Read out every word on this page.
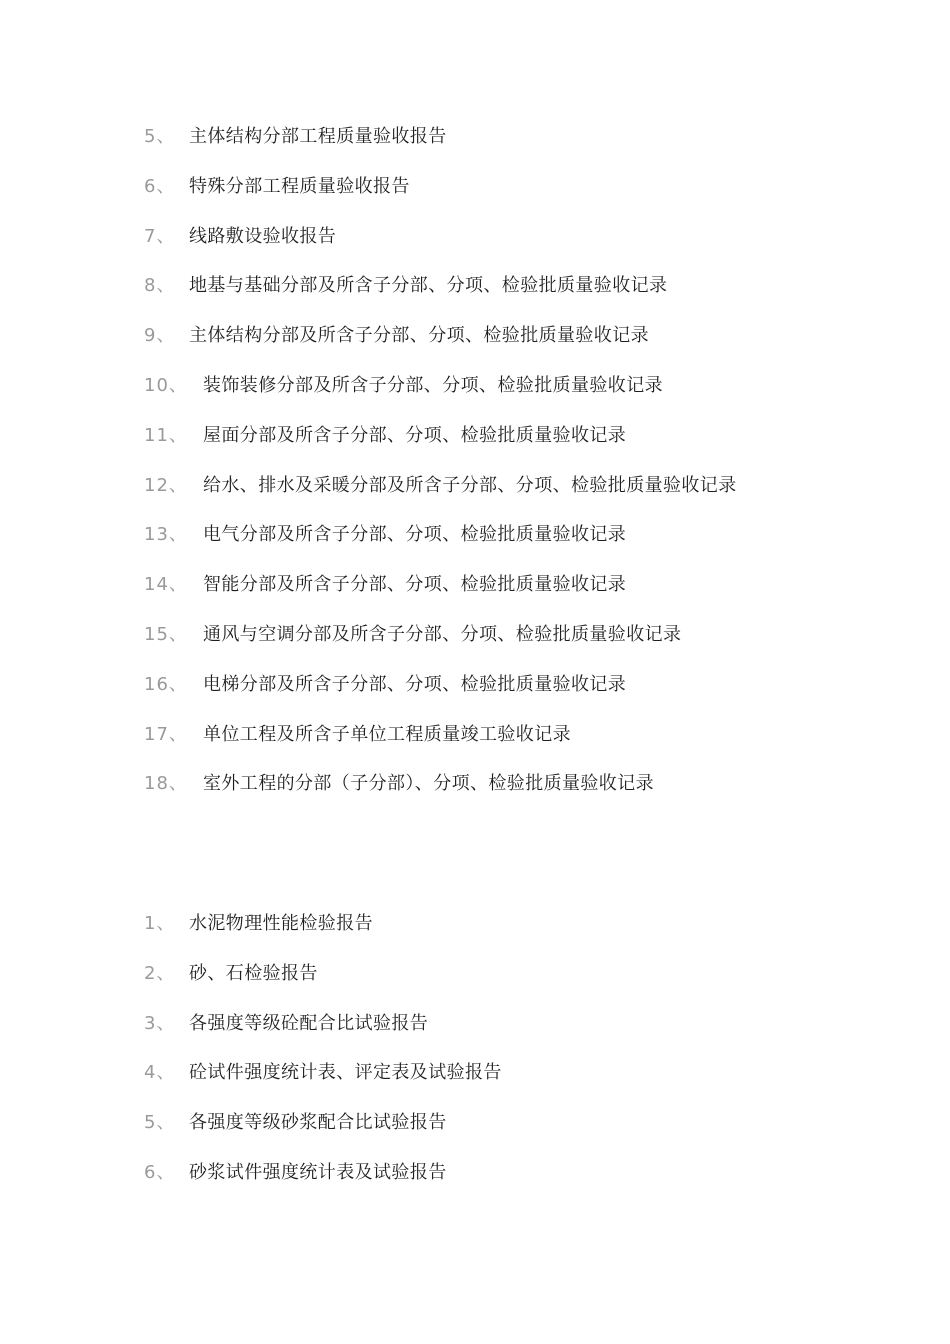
5、 主体结构分部工程质量验收报告
6、 特殊分部工程质量验收报告
7、 线路敷设验收报告
8、 地基与基础分部及所含子分部、分项、检验批质量验收记录
9、 主体结构分部及所含子分部、分项、检验批质量验收记录
10、 装饰装修分部及所含子分部、分项、检验批质量验收记录
11、 屋面分部及所含子分部、分项、检验批质量验收记录
12、 给水、排水及采暖分部及所含子分部、分项、检验批质量验收记录
13、 电气分部及所含子分部、分项、检验批质量验收记录
14、 智能分部及所含子分部、分项、检验批质量验收记录
15、 通风与空调分部及所含子分部、分项、检验批质量验收记录
16、 电梯分部及所含子分部、分项、检验批质量验收记录
17、 单位工程及所含子单位工程质量竣工验收记录
18、 室外工程的分部（子分部）、分项、检验批质量验收记录
1、 水泥物理性能检验报告
2、 砂、石检验报告
3、 各强度等级砼配合比试验报告
4、 砼试件强度统计表、评定表及试验报告
5、 各强度等级砂浆配合比试验报告
6、 砂浆试件强度统计表及试验报告
